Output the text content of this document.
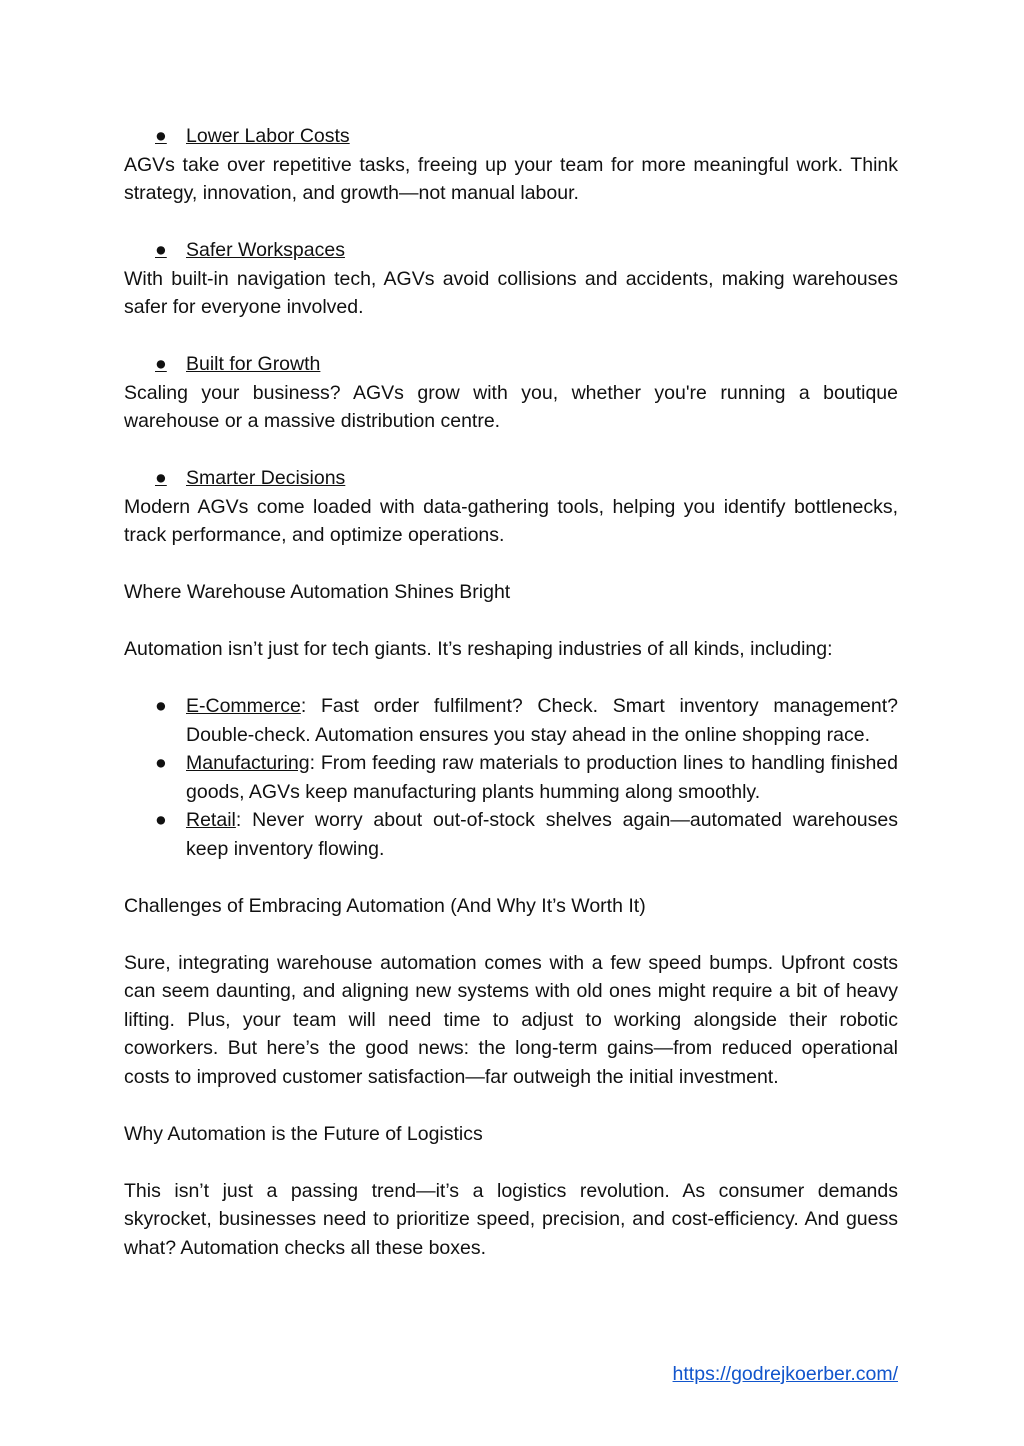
● Lower Labor Costs

AGVs take over repetitive tasks, freeing up your team for more meaningful work. Think strategy, innovation, and growth—not manual labour.

● Safer Workspaces

With built-in navigation tech, AGVs avoid collisions and accidents, making warehouses safer for everyone involved.

● Built for Growth

Scaling your business? AGVs grow with you, whether you're running a boutique warehouse or a massive distribution centre.

● Smarter Decisions

Modern AGVs come loaded with data-gathering tools, helping you identify bottlenecks, track performance, and optimize operations.

Where Warehouse Automation Shines Bright

Automation isn’t just for tech giants. It’s reshaping industries of all kinds, including:

● E-Commerce: Fast order fulfilment? Check. Smart inventory management? Double-check. Automation ensures you stay ahead in the online shopping race.
● Manufacturing: From feeding raw materials to production lines to handling finished goods, AGVs keep manufacturing plants humming along smoothly.
● Retail: Never worry about out-of-stock shelves again—automated warehouses keep inventory flowing.

Challenges of Embracing Automation (And Why It’s Worth It)

Sure, integrating warehouse automation comes with a few speed bumps. Upfront costs can seem daunting, and aligning new systems with old ones might require a bit of heavy lifting. Plus, your team will need time to adjust to working alongside their robotic coworkers. But here’s the good news: the long-term gains—from reduced operational costs to improved customer satisfaction—far outweigh the initial investment.

Why Automation is the Future of Logistics

This isn’t just a passing trend—it’s a logistics revolution. As consumer demands skyrocket, businesses need to prioritize speed, precision, and cost-efficiency. And guess what? Automation checks all these boxes.

https://godrejkoerber.com/
